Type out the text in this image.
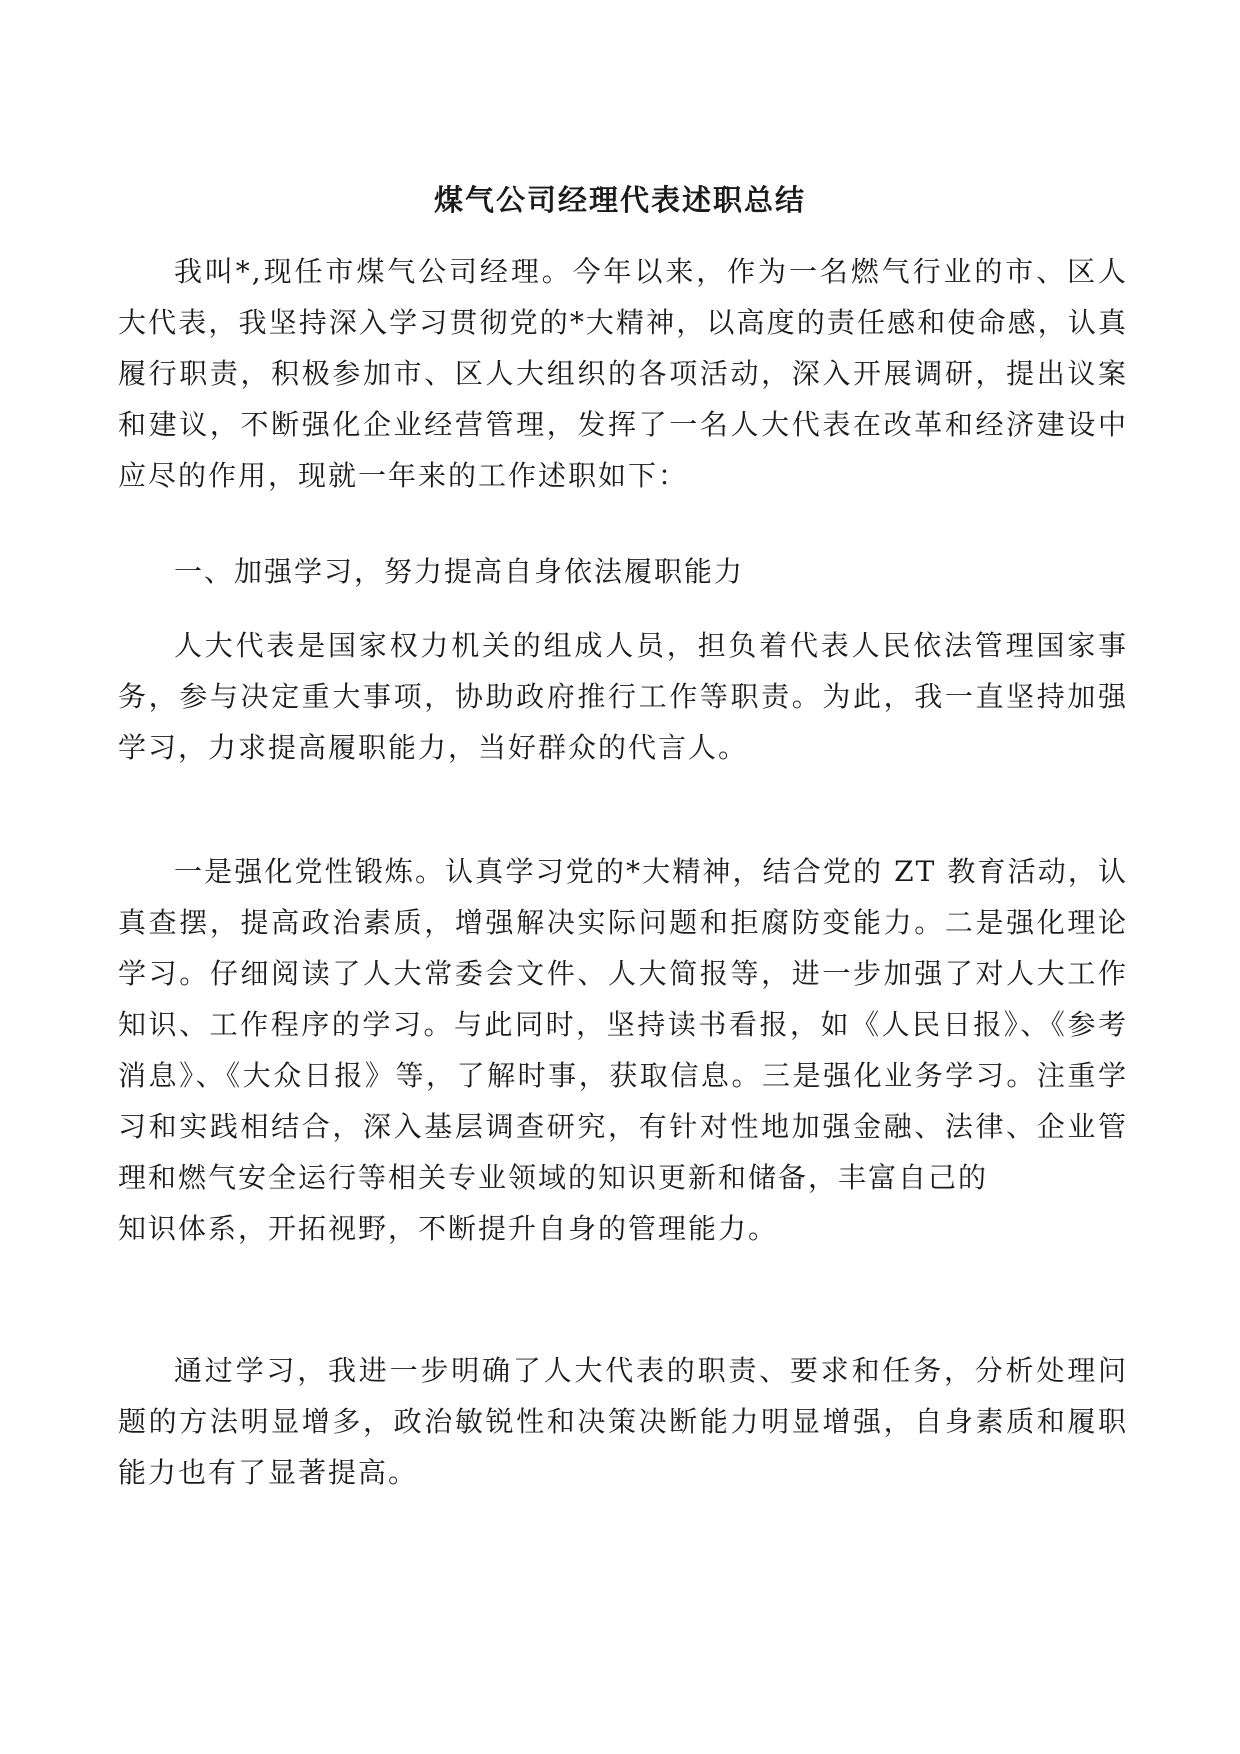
煤气公司经理代表述职总结

我叫*,现任市煤气公司经理。今年以来，作为一名燃气行业的市、区人大代表，我坚持深入学习贯彻党的*大精神，以高度的责任感和使命感，认真履行职责，积极参加市、区人大组织的各项活动，深入开展调研，提出议案和建议，不断强化企业经营管理，发挥了一名人大代表在改革和经济建设中应尽的作用，现就一年来的工作述职如下：

一、加强学习，努力提高自身依法履职能力

人大代表是国家权力机关的组成人员，担负着代表人民依法管理国家事务，参与决定重大事项，协助政府推行工作等职责。为此，我一直坚持加强学习，力求提高履职能力，当好群众的代言人。

一是强化党性锻炼。认真学习党的*大精神，结合党的 ZT 教育活动，认真查摆，提高政治素质，增强解决实际问题和拒腐防变能力。二是强化理论学习。仔细阅读了人大常委会文件、人大简报等，进一步加强了对人大工作知识、工作程序的学习。与此同时，坚持读书看报，如《人民日报》、《参考消息》、《大众日报》等，了解时事，获取信息。三是强化业务学习。注重学习和实践相结合，深入基层调查研究，有针对性地加强金融、法律、企业管理和燃气安全运行等相关专业领域的知识更新和储备，丰富自己的

知识体系，开拓视野，不断提升自身的管理能力。

通过学习，我进一步明确了人大代表的职责、要求和任务，分析处理问题的方法明显增多，政治敏锐性和决策决断能力明显增强，自身素质和履职能力也有了显著提高。
